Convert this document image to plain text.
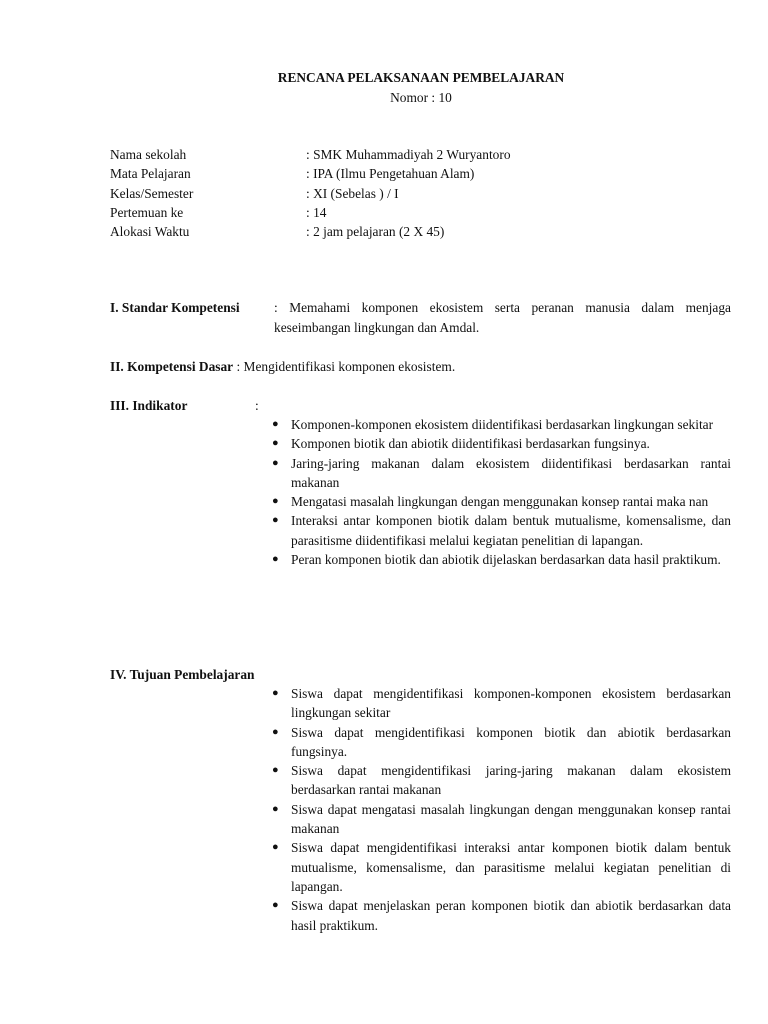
RENCANA PELAKSANAAN PEMBELAJARAN
Nomor : 10
Nama sekolah	: SMK Muhammadiyah 2 Wuryantoro
Mata Pelajaran	: IPA (Ilmu Pengetahuan Alam)
Kelas/Semester	: XI (Sebelas ) / I
Pertemuan ke	: 14
Alokasi Waktu	: 2 jam pelajaran (2 X 45)
I. Standar Kompetensi	: Memahami komponen ekosistem serta peranan manusia dalam menjaga keseimbangan lingkungan dan Amdal.
II. Kompetensi Dasar : Mengidentifikasi komponen ekosistem.
III. Indikator	:
● Komponen-komponen ekosistem diidentifikasi berdasarkan lingkungan sekitar
● Komponen biotik dan abiotik diidentifikasi berdasarkan fungsinya.
● Jaring-jaring makanan dalam ekosistem diidentifikasi berdasarkan rantai makanan
● Mengatasi masalah lingkungan dengan menggunakan konsep rantai maka nan
● Interaksi antar komponen biotik dalam bentuk mutualisme, komensalisme, dan parasitisme diidentifikasi melalui kegiatan penelitian di lapangan.
● Peran komponen biotik dan abiotik dijelaskan berdasarkan data hasil praktikum.
IV. Tujuan Pembelajaran
● Siswa dapat mengidentifikasi komponen-komponen ekosistem berdasarkan lingkungan sekitar
● Siswa dapat mengidentifikasi komponen biotik dan abiotik berdasarkan fungsinya.
● Siswa dapat mengidentifikasi jaring-jaring makanan dalam ekosistem berdasarkan rantai makanan
● Siswa dapat mengatasi masalah lingkungan dengan menggunakan konsep rantai makanan
● Siswa dapat mengidentifikasi interaksi antar komponen biotik dalam bentuk mutualisme, komensalisme, dan parasitisme melalui kegiatan penelitian di lapangan.
● Siswa dapat menjelaskan peran komponen biotik dan abiotik berdasarkan data hasil praktikum.
